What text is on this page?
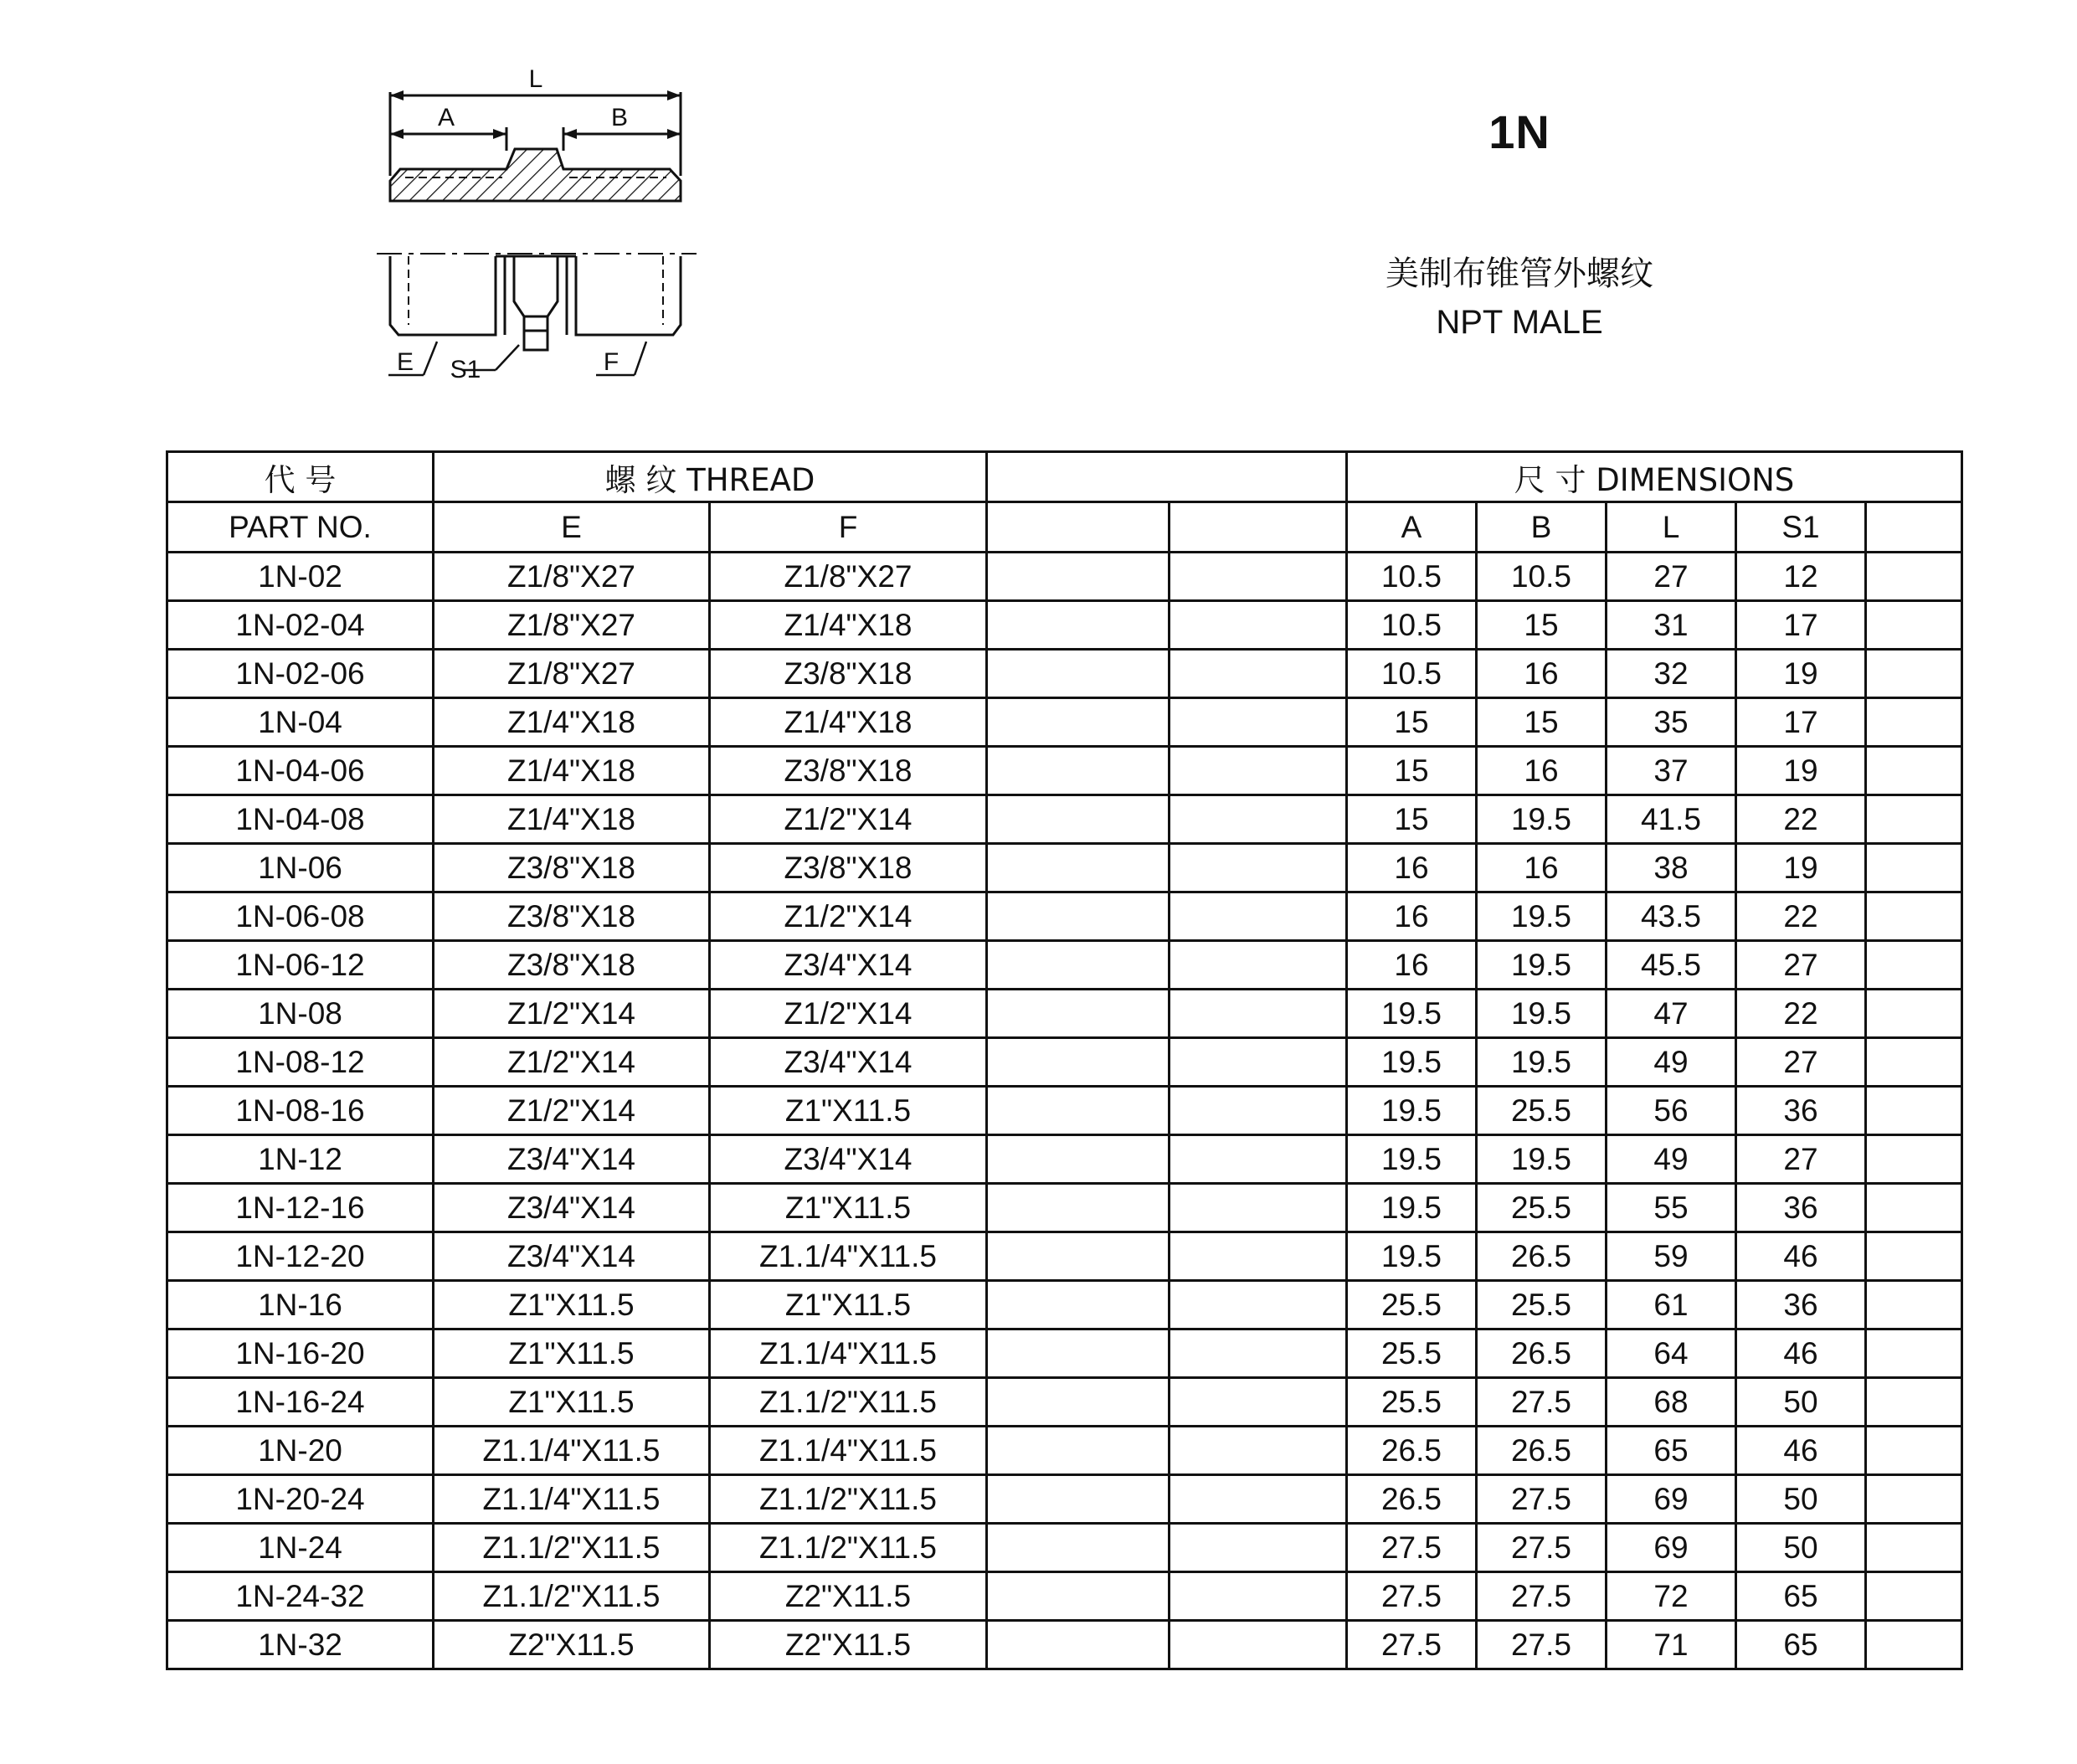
L
A	B
E S1	F
1N
美制布锥管外螺纹
NPT MALE
代 号	螺 纹 THREAD				尺 寸 DIMENSIONS				
PART NO.	E	F			A	B	L	S1	
1N-02	Z1/8"X27	Z1/8"X27			10.5	10.5	27	12	
1N-02-04	Z1/8"X27	Z1/4"X18			10.5	15	31	17	
1N-02-06	Z1/8"X27	Z3/8"X18			10.5	16	32	19	
1N-04	Z1/4"X18	Z1/4"X18			15	15	35	17	
1N-04-06	Z1/4"X18	Z3/8"X18			15	16	37	19	
1N-04-08	Z1/4"X18	Z1/2"X14			15	19.5	41.5	22	
1N-06	Z3/8"X18	Z3/8"X18			16	16	38	19	
1N-06-08	Z3/8"X18	Z1/2"X14			16	19.5	43.5	22	
1N-06-12	Z3/8"X18	Z3/4"X14			16	19.5	45.5	27	
1N-08	Z1/2"X14	Z1/2"X14			19.5	19.5	47	22	
1N-08-12	Z1/2"X14	Z3/4"X14			19.5	19.5	49	27	
1N-08-16	Z1/2"X14	Z1"X11.5			19.5	25.5	56	36	
1N-12	Z3/4"X14	Z3/4"X14			19.5	19.5	49	27	
1N-12-16	Z3/4"X14	Z1"X11.5			19.5	25.5	55	36	
1N-12-20	Z3/4"X14	Z1.1/4"X11.5			19.5	26.5	59	46	
1N-16	Z1"X11.5	Z1"X11.5			25.5	25.5	61	36	
1N-16-20	Z1"X11.5	Z1.1/4"X11.5			25.5	26.5	64	46	
1N-16-24	Z1"X11.5	Z1.1/2"X11.5			25.5	27.5	68	50	
1N-20	Z1.1/4"X11.5	Z1.1/4"X11.5			26.5	26.5	65	46	
1N-20-24	Z1.1/4"X11.5	Z1.1/2"X11.5			26.5	27.5	69	50	
1N-24	Z1.1/2"X11.5	Z1.1/2"X11.5			27.5	27.5	69	50	
1N-24-32	Z1.1/2"X11.5	Z2"X11.5			27.5	27.5	72	65	
1N-32	Z2"X11.5	Z2"X11.5			27.5	27.5	71	65	
